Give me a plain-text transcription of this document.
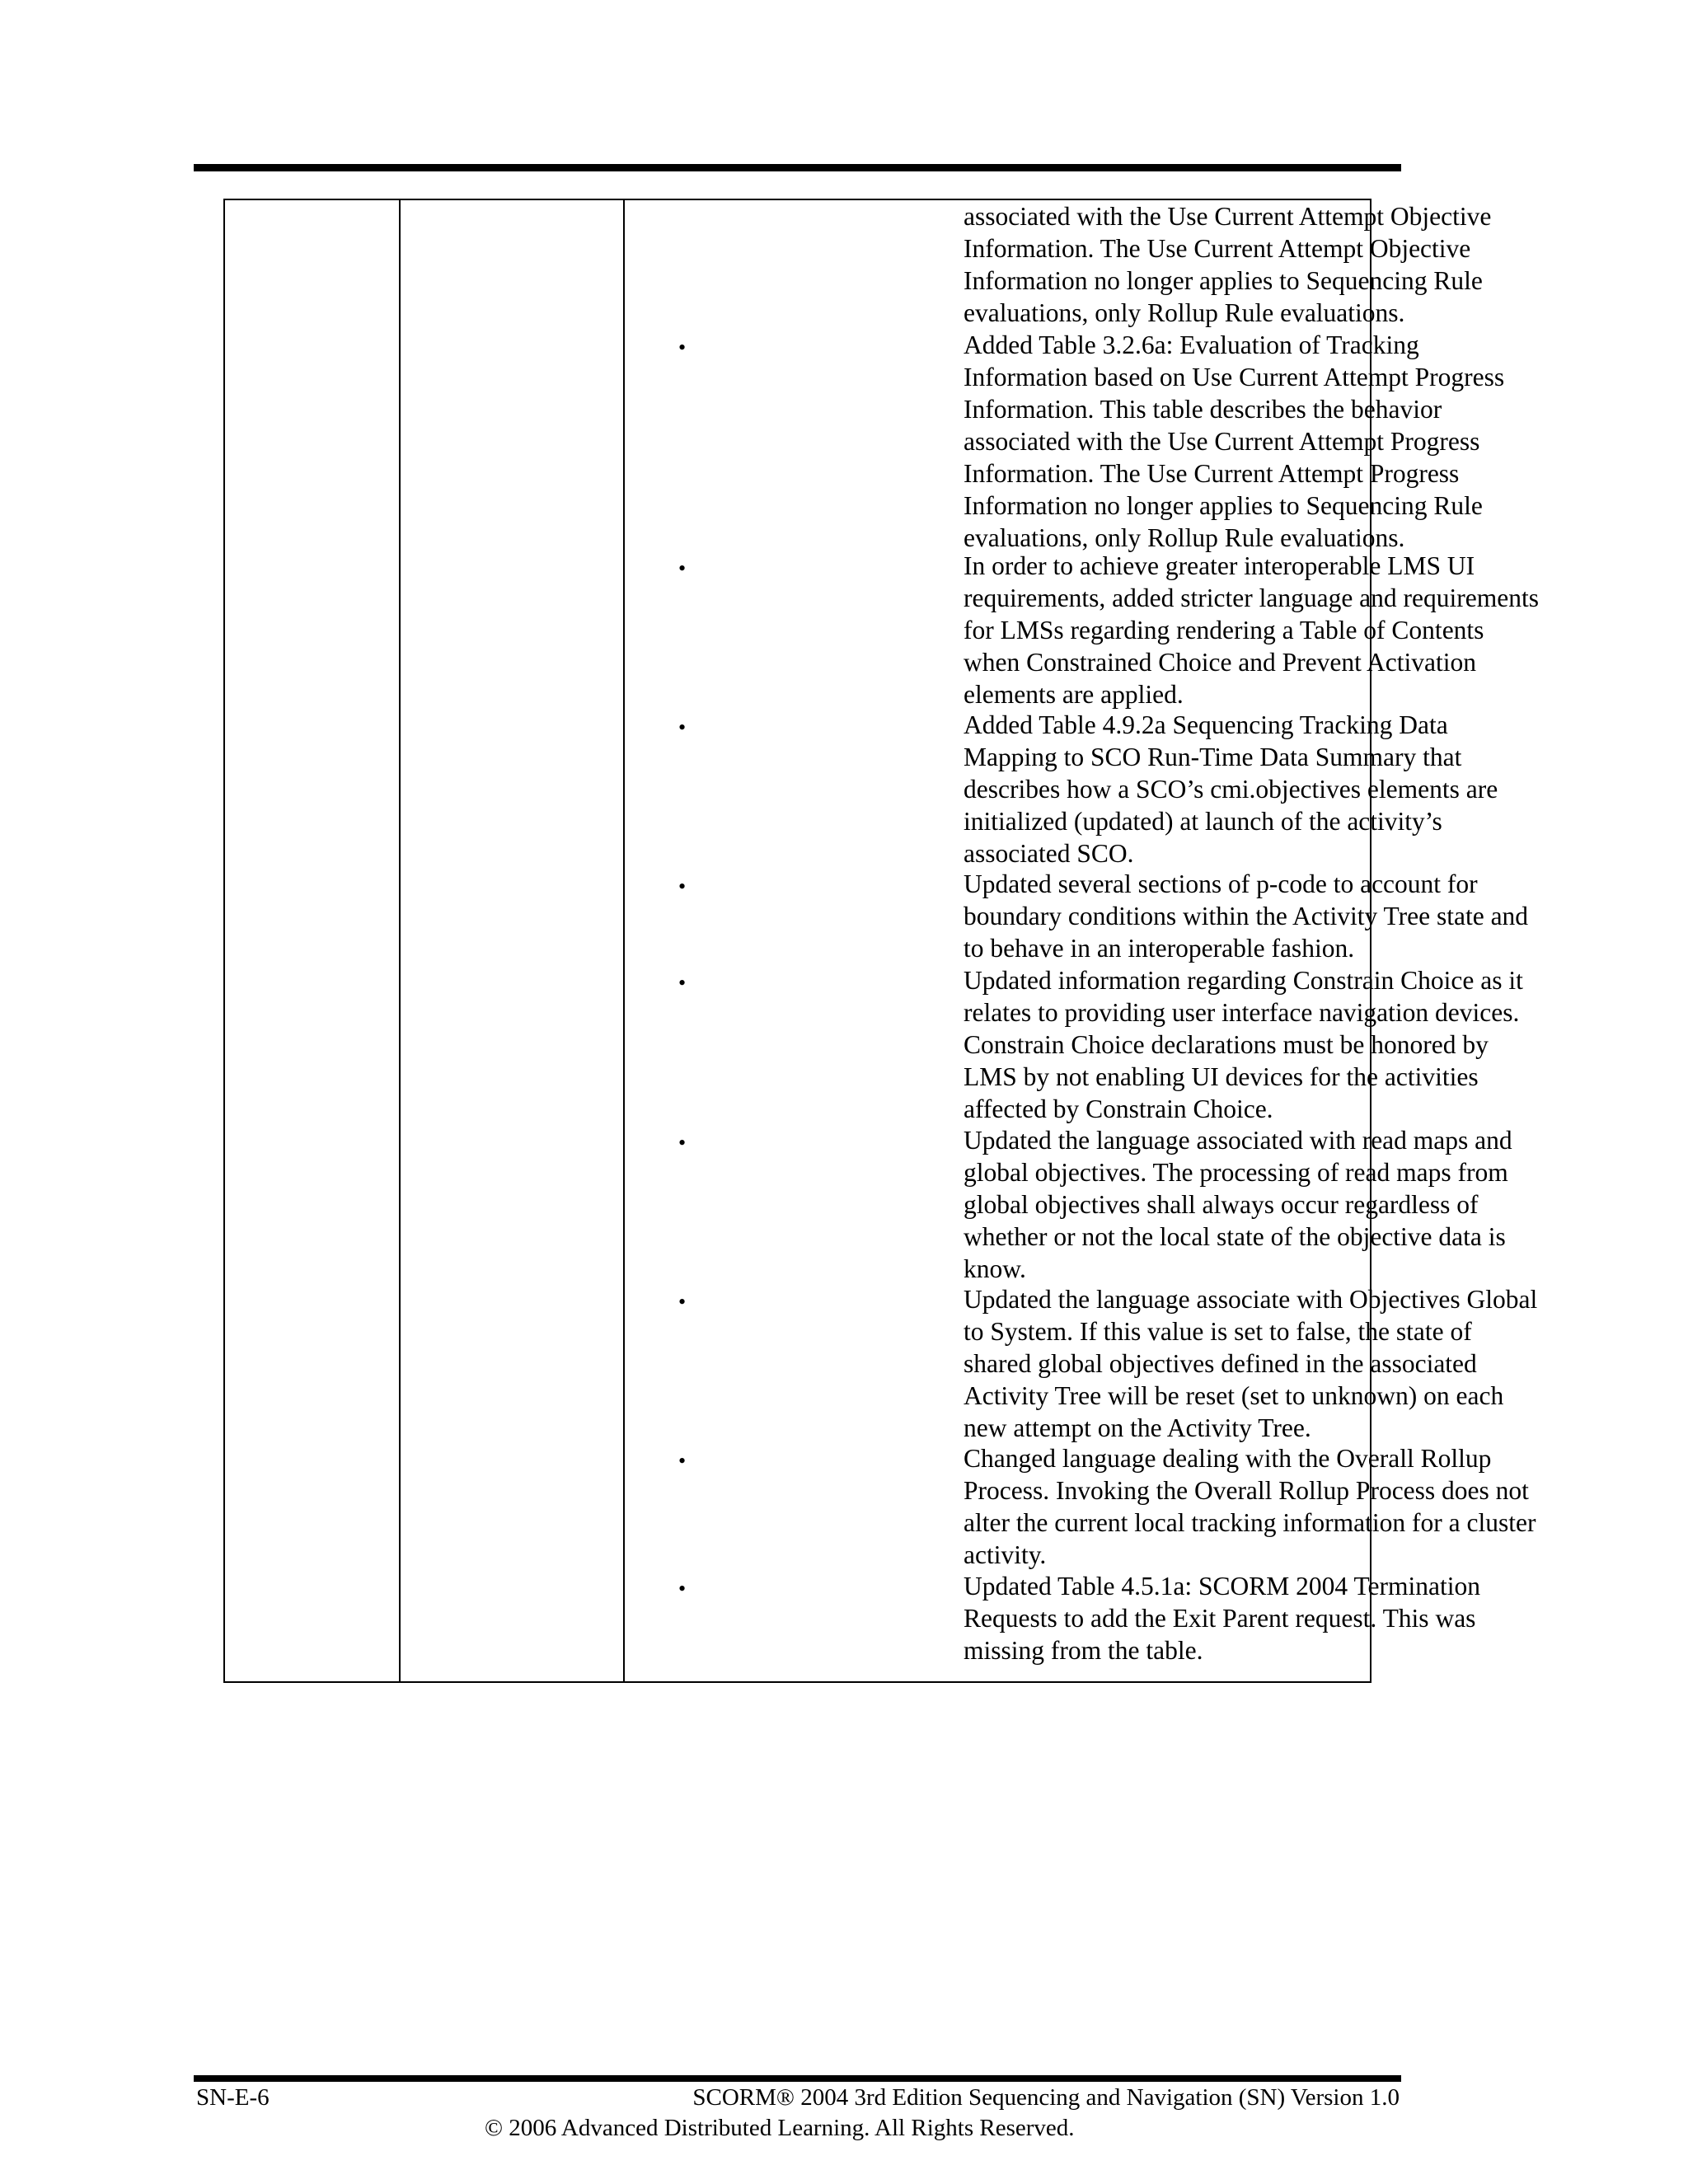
associated with the Use Current Attempt Objective
Information. The Use Current Attempt Objective
Information no longer applies to Sequencing Rule
evaluations, only Rollup Rule evaluations.

•	Added Table 3.2.6a: Evaluation of Tracking
Information based on Use Current Attempt Progress
Information. This table describes the behavior
associated with the Use Current Attempt Progress
Information. The Use Current Attempt Progress
Information no longer applies to Sequencing Rule
evaluations, only Rollup Rule evaluations.
•	In order to achieve greater interoperable LMS UI
requirements, added stricter language and requirements
for LMSs regarding rendering a Table of Contents
when Constrained Choice and Prevent Activation
elements are applied.
•	Added Table 4.9.2a Sequencing Tracking Data
Mapping to SCO Run-Time Data Summary that
describes how a SCO’s cmi.objectives elements are
initialized (updated) at launch of the activity’s
associated SCO.
•	Updated several sections of p-code to account for
boundary conditions within the Activity Tree state and
to behave in an interoperable fashion.
•	Updated information regarding Constrain Choice as it
relates to providing user interface navigation devices.
Constrain Choice declarations must be honored by
LMS by not enabling UI devices for the activities
affected by Constrain Choice.
•	Updated the language associated with read maps and
global objectives. The processing of read maps from
global objectives shall always occur regardless of
whether or not the local state of the objective data is
know.
•	Updated the language associate with Objectives Global
to System. If this value is set to false, the state of
shared global objectives defined in the associated
Activity Tree will be reset (set to unknown) on each
new attempt on the Activity Tree.
•	Changed language dealing with the Overall Rollup
Process. Invoking the Overall Rollup Process does not
alter the current local tracking information for a cluster
activity.
•	Updated Table 4.5.1a: SCORM 2004 Termination
Requests to add the Exit Parent request. This was
missing from the table.
SN-E-6	SCORM® 2004 3rd Edition Sequencing and Navigation (SN) Version 1.0
© 2006 Advanced Distributed Learning. All Rights Reserved.
